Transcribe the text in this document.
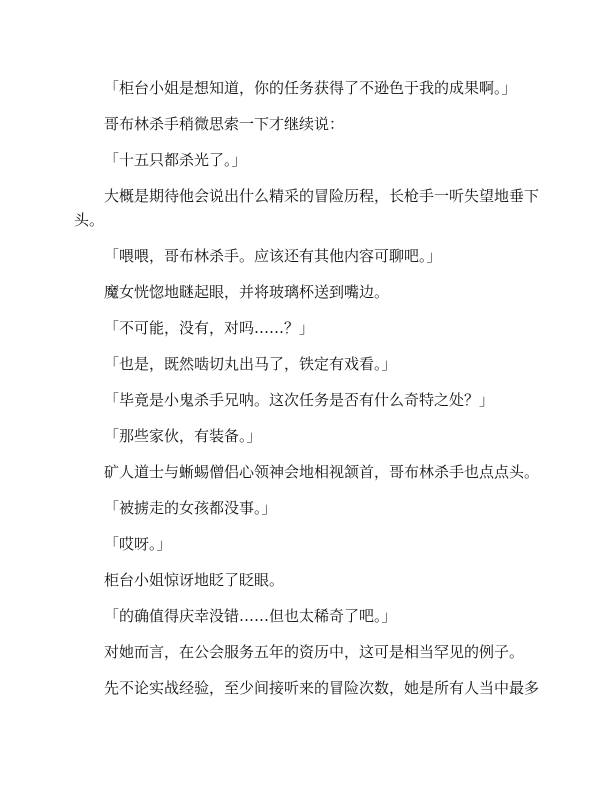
「柜台小姐是想知道，你的任务获得了不逊色于我的成果啊。」

哥布林杀手稍微思索一下才继续说：

「十五只都杀光了。」

大概是期待他会说出什么精采的冒险历程，长枪手一听失望地垂下

头。

「喂喂，哥布林杀手。应该还有其他内容可聊吧。」

魔女恍惚地瞇起眼，并将玻璃杯送到嘴边。

「不可能，没有，对吗……？」

「也是，既然啮切丸出马了，铁定有戏看。」

「毕竟是小鬼杀手兄呐。这次任务是否有什么奇特之处？」

「那些家伙，有装备。」

矿人道士与蜥蜴僧侣心领神会地相视颔首，哥布林杀手也点点头。

「被掳走的女孩都没事。」

「哎呀。」

柜台小姐惊讶地眨了眨眼。

「的确值得庆幸没错……但也太稀奇了吧。」

对她而言，在公会服务五年的资历中，这可是相当罕见的例子。

先不论实战经验，至少间接听来的冒险次数，她是所有人当中最多
